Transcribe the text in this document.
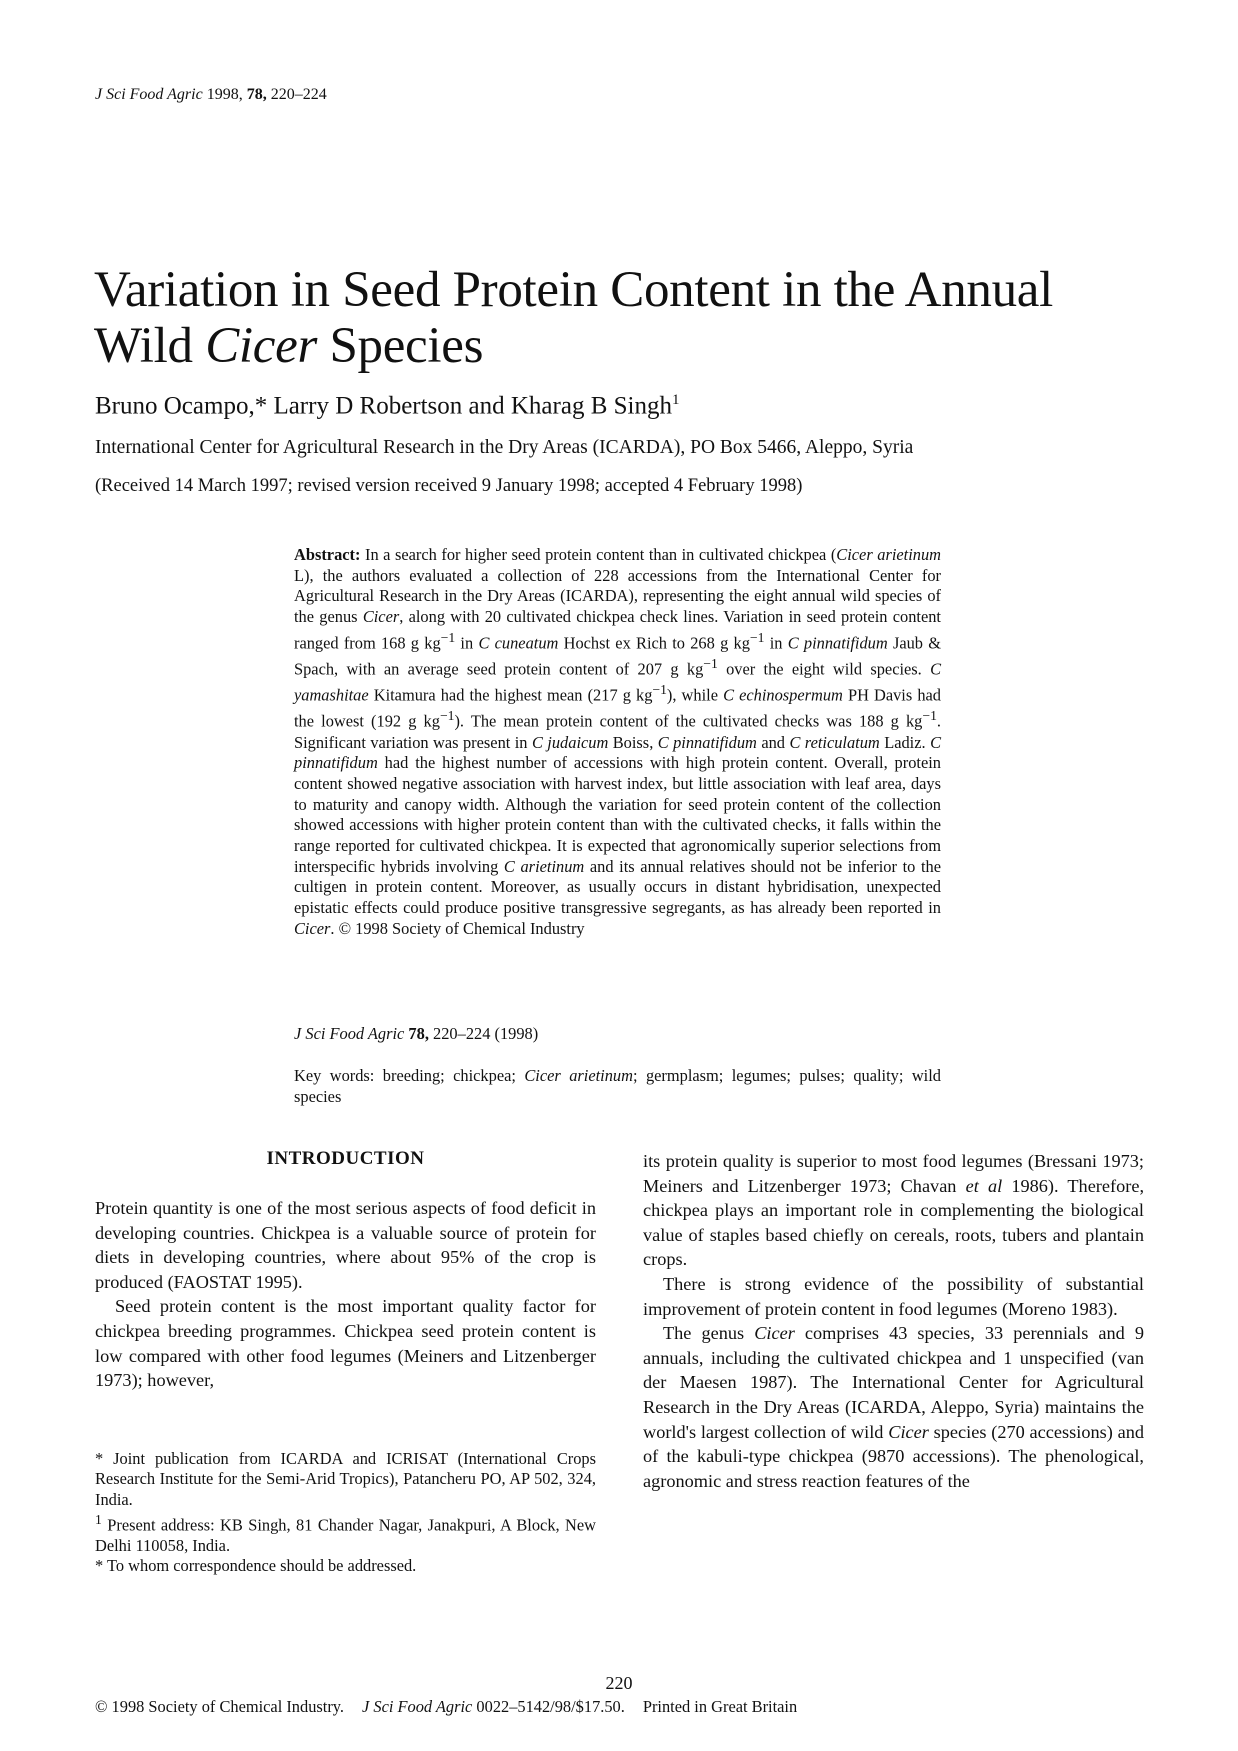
J Sci Food Agric 1998, 78, 220–224
Variation in Seed Protein Content in the Annual
Wild Cicer Species
Bruno Ocampo,* Larry D Robertson and Kharag B Singh$^1$
International Center for Agricultural Research in the Dry Areas (ICARDA), PO Box 5466, Aleppo, Syria
(Received 14 March 1997; revised version received 9 January 1998; accepted 4 February 1998)

Abstract: In a search for higher seed protein content than in cultivated chickpea (Cicer arietinum L), the authors evaluated a collection of 228 accessions from the International Center for Agricultural Research in the Dry Areas (ICARDA), representing the eight annual wild species of the genus Cicer, along with 20 cultivated chickpea check lines. Variation in seed protein content ranged from 168 g $kg^{-1}$ in C cuneatum Hochst ex Rich to 268 g $kg^{-1}$ in C pinnatifidum Jaub & Spach, with an average seed protein content of 207 g $kg^{-1}$ over the eight wild species. C yamashitae Kitamura had the highest mean (217 g $kg^{-1}$), while C echinospermum PH Davis had the lowest (192 g $kg^{-1}$). The mean protein content of the cultivated checks was 188 g $kg^{-1}$. Significant variation was present in C judaicum Boiss, C pinnatifidum and C reticulatum Ladiz. C pinnatifidum had the highest number of accessions with high protein content. Overall, protein content showed negative association with harvest index, but little association with leaf area, days to maturity and canopy width. Although the variation for seed protein content of the collection showed accessions with higher protein content than with the cultivated checks, it falls within the range reported for cultivated chickpea. It is expected that agronomically superior selections from interspecific hybrids involving C arietinum and its annual relatives should not be inferior to the cultigen in protein content. Moreover, as usually occurs in distant hybridisation, unexpected epistatic effects could produce positive transgressive segregants, as has already been reported in Cicer. © 1998 Society of Chemical Industry

J Sci Food Agric 78, 220–224 (1998)

Key words: breeding; chickpea; Cicer arietinum; germplasm; legumes; pulses; quality; wild species

INTRODUCTION

Protein quantity is one of the most serious aspects of food deficit in developing countries. Chickpea is a valuable source of protein for diets in developing countries, where about 95% of the crop is produced (FAOSTAT 1995).

Seed protein content is the most important quality factor for chickpea breeding programmes. Chickpea seed protein content is low compared with other food legumes (Meiners and Litzenberger 1973); however,

* Joint publication from ICARDA and ICRISAT (International Crops Research Institute for the Semi-Arid Tropics), Patancheru PO, AP 502, 324, India.
$^1$ Present address: KB Singh, 81 Chander Nagar, Janakpuri, A Block, New Delhi 110058, India.
* To whom correspondence should be addressed.

its protein quality is superior to most food legumes (Bressani 1973; Meiners and Litzenberger 1973; Chavan et al 1986). Therefore, chickpea plays an important role in complementing the biological value of staples based chiefly on cereals, roots, tubers and plantain crops.

There is strong evidence of the possibility of substantial improvement of protein content in food legumes (Moreno 1983).

The genus Cicer comprises 43 species, 33 perennials and 9 annuals, including the cultivated chickpea and 1 unspecified (van der Maesen 1987). The International Center for Agricultural Research in the Dry Areas (ICARDA, Aleppo, Syria) maintains the world's largest collection of wild Cicer species (270 accessions) and of the kabuli-type chickpea (9870 accessions). The phenological, agronomic and stress reaction features of the

220
© 1998 Society of Chemical Industry. J Sci Food Agric 0022–5142/98/$17.50. Printed in Great Britain
